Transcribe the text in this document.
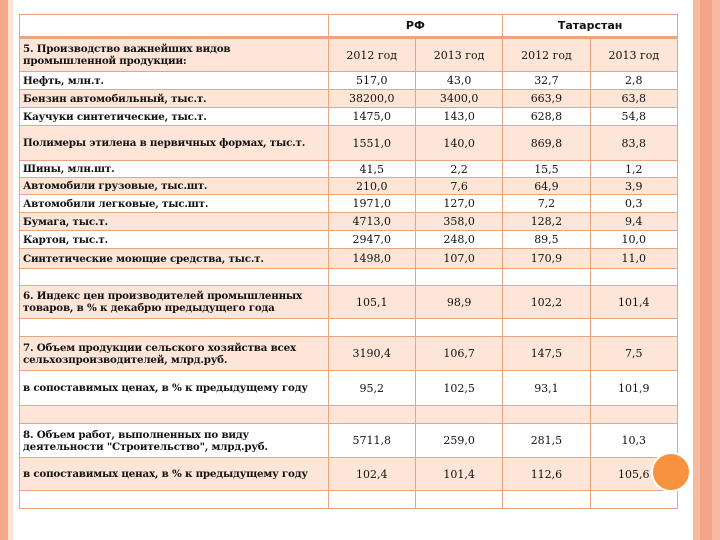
	РФ		Татарстан	
5. Производство важнейших видов промышленной продукции:	2012 год	2013 год	2012 год	2013 год
Нефть, млн.т.	517,0	43,0	32,7	2,8
Бензин автомобильный, тыс.т.	38200,0	3400,0	663,9	63,8
Каучуки синтетические, тыс.т.	1475,0	143,0	628,8	54,8
Полимеры этилена в первичных формах, тыс.т.	1551,0	140,0	869,8	83,8
Шины, млн.шт.	41,5	2,2	15,5	1,2
Автомобили грузовые, тыс.шт.	210,0	7,6	64,9	3,9
Автомобили легковые, тыс.шт.	1971,0	127,0	7,2	0,3
Бумага, тыс.т.	4713,0	358,0	128,2	9,4
Картон, тыс.т.	2947,0	248,0	89,5	10,0
Синтетические моющие средства, тыс.т.	1498,0	107,0	170,9	11,0

6. Индекс цен производителей промышленных товаров, в % к декабрю предыдущего года	105,1	98,9	102,2	101,4

7. Объем продукции сельского хозяйства всех сельхозпроизводителей, млрд.руб.	3190,4	106,7	147,5	7,5
в сопоставимых ценах, в % к предыдущему году	95,2	102,5	93,1	101,9

8. Объем работ, выполненных по виду деятельности "Строительство", млрд.руб.	5711,8	259,0	281,5	10,3
в сопоставимых ценах, в % к предыдущему году	102,4	101,4	112,6	105,6
